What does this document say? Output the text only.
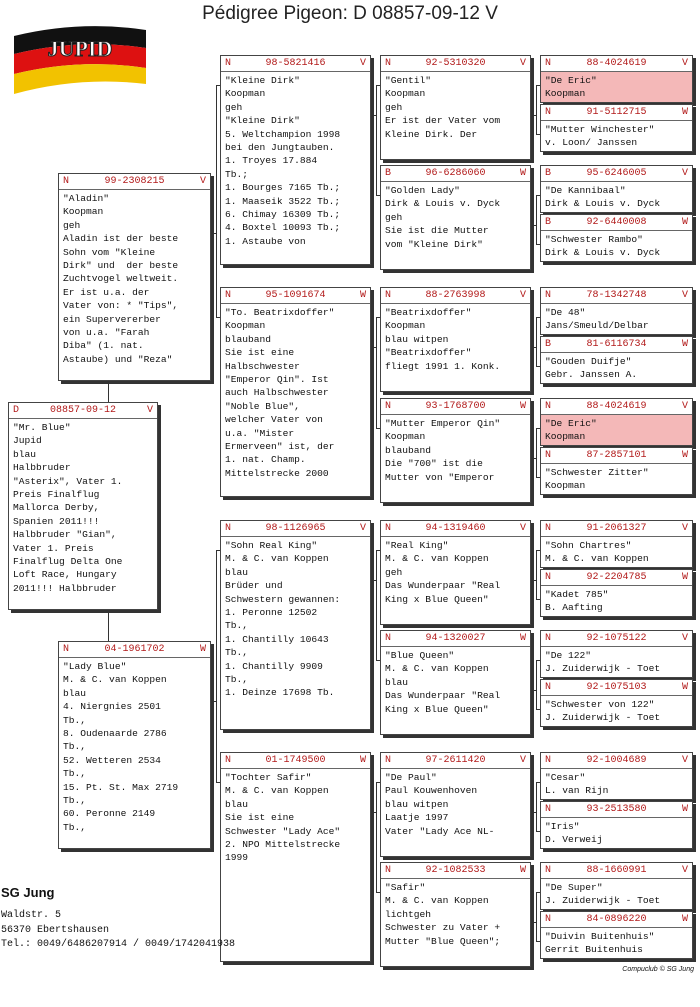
Pédigree Pigeon: D 08857-09-12 V
JUPID
D	08857-09-12	V
"Mr. Blue"
Jupid
blau
Halbbruder
"Asterix", Vater 1.
Preis Finalflug
Mallorca Derby,
Spanien 2011!!!
Halbbruder "Gian",
Vater 1. Preis
Finalflug Delta One
Loft Race, Hungary
2011!!! Halbbruder
N	99-2308215	V
"Aladin"
Koopman
geh
Aladin ist der beste
Sohn vom "Kleine
Dirk" und  der beste
Zuchtvogel weltweit.
Er ist u.a. der
Vater von: * "Tips",
ein Supervererber
von u.a. "Farah
Diba" (1. nat.
Astaube) und "Reza"
N	04-1961702	W
"Lady Blue"
M. & C. van Koppen
blau
4. Niergnies 2501
Tb.,
8. Oudenaarde 2786
Tb.,
52. Wetteren 2534
Tb.,
15. Pt. St. Max 2719
Tb.,
60. Peronne 2149
Tb.,
N	98-5821416	V
"Kleine Dirk"
Koopman
geh
"Kleine Dirk"
5. Weltchampion 1998
bei den Jungtauben.
1. Troyes 17.884
Tb.;
1. Bourges 7165 Tb.;
1. Maaseik 3522 Tb.;
6. Chimay 16309 Tb.;
4. Boxtel 10093 Tb.;
1. Astaube von
N	95-1091674	W
"To. Beatrixdoffer"
Koopman
blauband
Sie ist eine
Halbschwester
"Emperor Qin". Ist
auch Halbschwester
"Noble Blue",
welcher Vater von
u.a. "Mister
Ermerveen" ist, der
1. nat. Champ.
Mittelstrecke 2000
N	98-1126965	V
"Sohn Real King"
M. & C. van Koppen
blau
Brüder und
Schwestern gewannen:
1. Peronne 12502
Tb.,
1. Chantilly 10643
Tb.,
1. Chantilly 9909
Tb.,
1. Deinze 17698 Tb.
N	01-1749500	W
"Tochter Safir"
M. & C. van Koppen
blau
Sie ist eine
Schwester "Lady Ace"
2. NPO Mittelstrecke
1999
N	92-5310320	V
"Gentil"
Koopman
geh
Er ist der Vater vom
Kleine Dirk. Der
B	96-6286060	W
"Golden Lady"
Dirk & Louis v. Dyck
geh
Sie ist die Mutter
vom "Kleine Dirk"
N	88-2763998	V
"Beatrixdoffer"
Koopman
blau witpen
"Beatrixdoffer"
fliegt 1991 1. Konk.
N	93-1768700	W
"Mutter Emperor Qin"
Koopman
blauband
Die "700" ist die
Mutter von "Emperor
N	94-1319460	V
"Real King"
M. & C. van Koppen
geh
Das Wunderpaar "Real
King x Blue Queen"
N	94-1320027	W
"Blue Queen"
M. & C. van Koppen
blau
Das Wunderpaar "Real
King x Blue Queen"
N	97-2611420	V
"De Paul"
Paul Kouwenhoven
blau witpen
Laatje 1997
Vater "Lady Ace NL-
N	92-1082533	W
"Safir"
M. & C. van Koppen
lichtgeh
Schwester zu Vater +
Mutter "Blue Queen";
N	88-4024619	V
"De Eric"
Koopman
N	91-5112715	W
"Mutter Winchester"
v. Loon/ Janssen
B	95-6246005	V
"De Kannibaal"
Dirk & Louis v. Dyck
B	92-6440008	W
"Schwester Rambo"
Dirk & Louis v. Dyck
N	78-1342748	V
"De 48"
Jans/Smeuld/Delbar
B	81-6116734	W
"Gouden Duifje"
Gebr. Janssen A.
N	88-4024619	V
"De Eric"
Koopman
N	87-2857101	W
"Schwester Zitter"
Koopman
N	91-2061327	V
"Sohn Chartres"
M. & C. van Koppen
N	92-2204785	W
"Kadet 785"
B. Aafting
N	92-1075122	V
"De 122"
J. Zuiderwijk - Toet
N	92-1075103	W
"Schwester von 122"
J. Zuiderwijk - Toet
N	92-1004689	V
"Cesar"
L. van Rijn
N	93-2513580	W
"Iris"
D. Verweij
N	88-1660991	V
"De Super"
J. Zuiderwijk - Toet
N	84-0896220	W
"Duivin Buitenhuis"
Gerrit Buitenhuis
SG Jung
Waldstr. 5
56370 Ebertshausen
Tel.: 0049/6486207914 / 0049/1742041938
Compuclub © SG Jung
